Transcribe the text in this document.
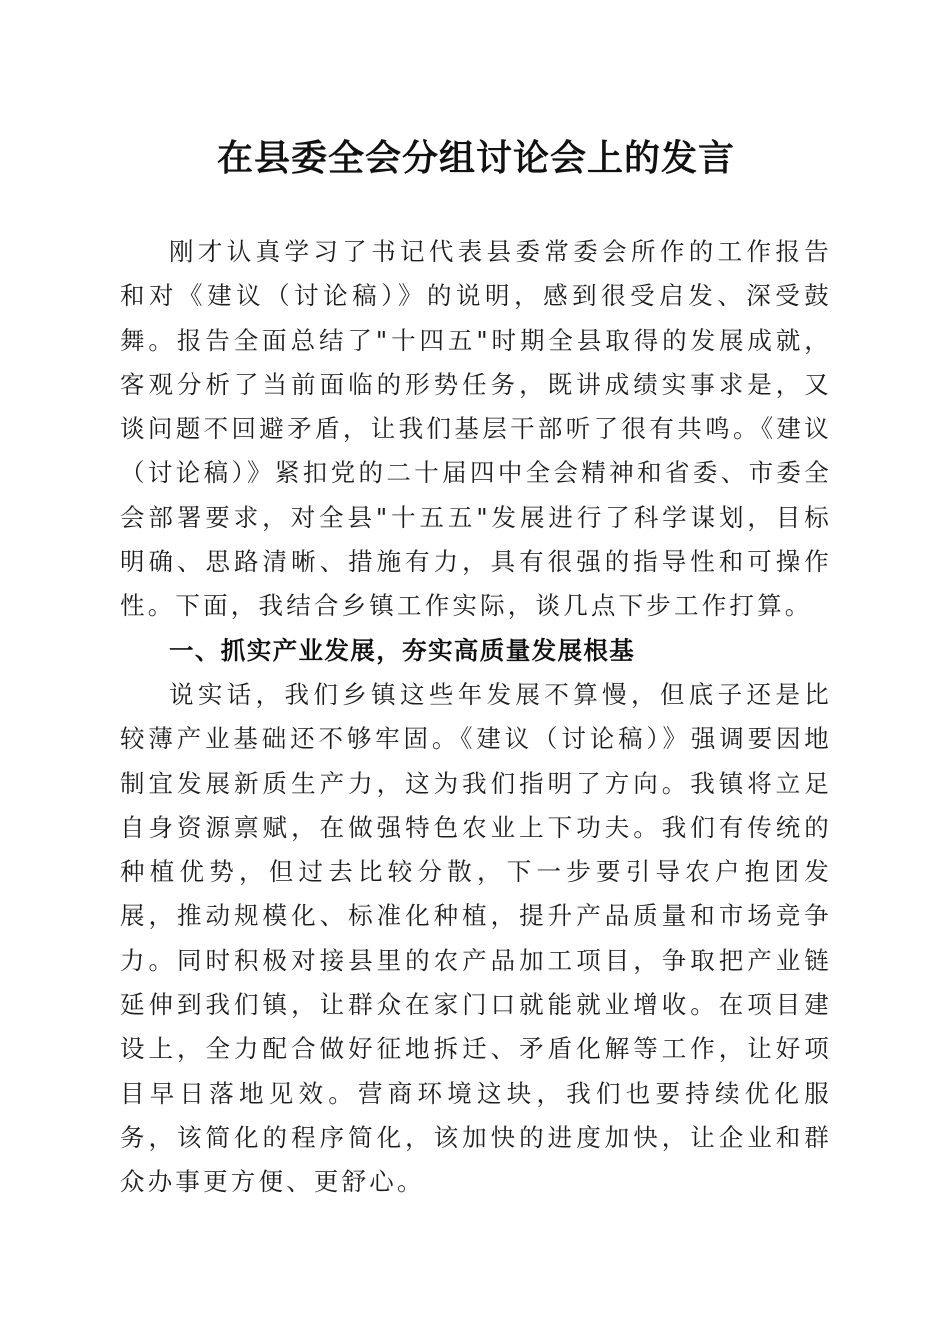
在县委全会分组讨论会上的发言

刚才认真学习了书记代表县委常委会所作的工作报告和对《建议（讨论稿）》的说明，感到很受启发、深受鼓舞。报告全面总结了"十四五"时期全县取得的发展成就，客观分析了当前面临的形势任务，既讲成绩实事求是，又谈问题不回避矛盾，让我们基层干部听了很有共鸣。《建议（讨论稿）》紧扣党的二十届四中全会精神和省委、市委全会部署要求，对全县"十五五"发展进行了科学谋划，目标明确、思路清晰、措施有力，具有很强的指导性和可操作性。下面，我结合乡镇工作实际，谈几点下步工作打算。

一、抓实产业发展，夯实高质量发展根基

说实话，我们乡镇这些年发展不算慢，但底子还是比较薄产业基础还不够牢固。《建议（讨论稿）》强调要因地制宜发展新质生产力，这为我们指明了方向。我镇将立足自身资源禀赋，在做强特色农业上下功夫。我们有传统的种植优势，但过去比较分散，下一步要引导农户抱团发展，推动规模化、标准化种植，提升产品质量和市场竞争力。同时积极对接县里的农产品加工项目，争取把产业链延伸到我们镇，让群众在家门口就能就业增收。在项目建设上，全力配合做好征地拆迁、矛盾化解等工作，让好项目早日落地见效。营商环境这块，我们也要持续优化服务，该简化的程序简化，该加快的进度加快，让企业和群众办事更方便、更舒心。
